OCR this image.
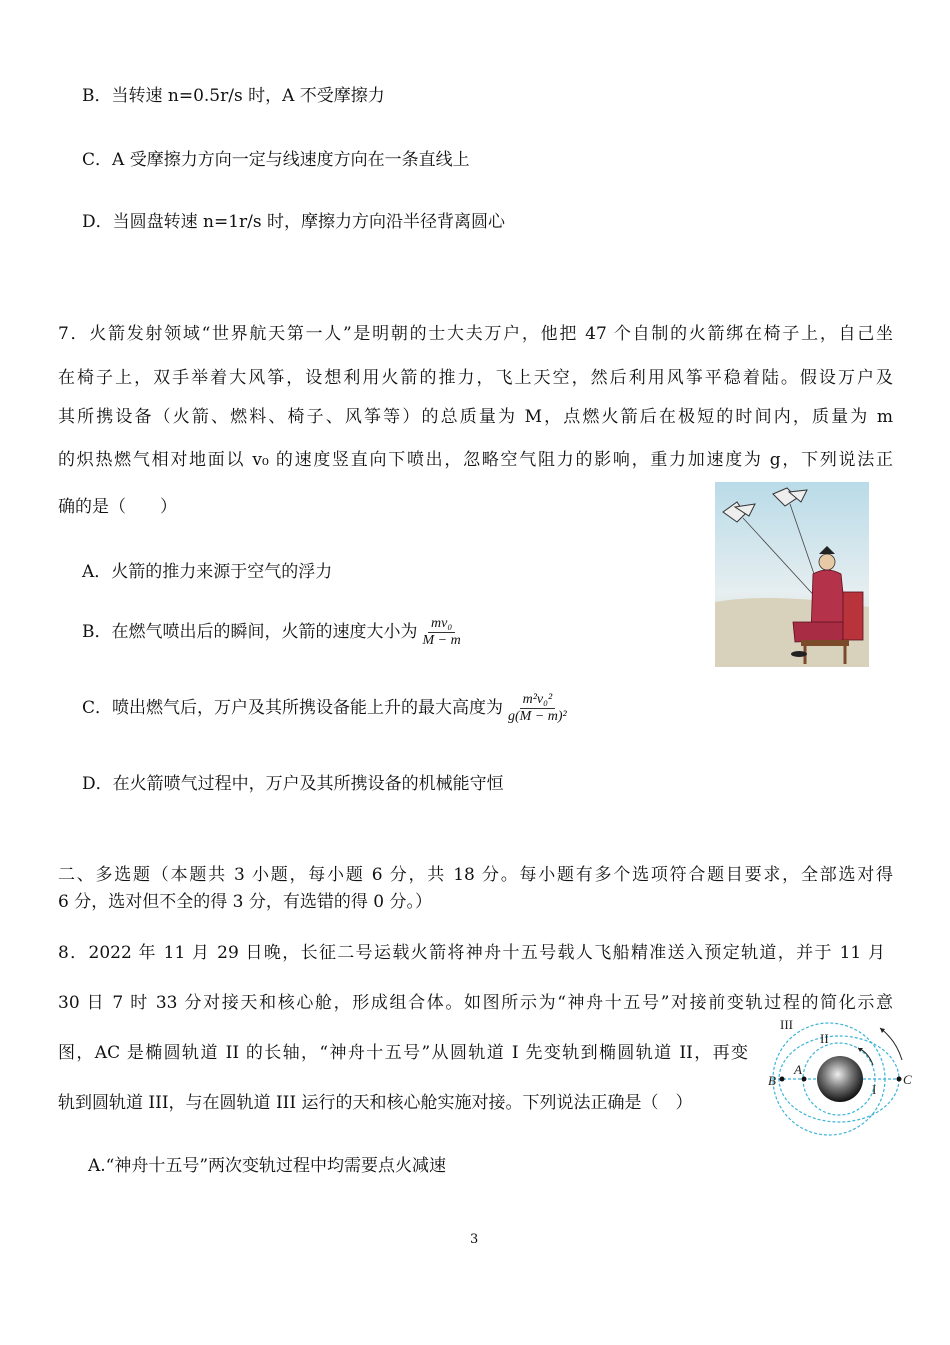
B．当转速 n=0.5r/s 时，A 不受摩擦力
C．A 受摩擦力方向一定与线速度方向在一条直线上
D．当圆盘转速 n=1r/s 时，摩擦力方向沿半径背离圆心
7．火箭发射领域“世界航天第一人”是明朝的士大夫万户，他把 47 个自制的火箭绑在椅子上，自己坐
在椅子上，双手举着大风筝，设想利用火箭的推力，飞上天空，然后利用风筝平稳着陆。假设万户及
其所携设备（火箭、燃料、椅子、风筝等）的总质量为 M，点燃火箭后在极短的时间内，质量为 m
的炽热燃气相对地面以 v₀ 的速度竖直向下喷出，忽略空气阻力的影响，重力加速度为 g，下列说法正
确的是（　　）
A．火箭的推力来源于空气的浮力
B．在燃气喷出后的瞬间，火箭的速度大小为 $\frac{\text{mv₀}}{M - m}$
C．喷出燃气后，万户及其所携设备能上升的最大高度为 $\frac{\text{m²v₀²}}{\text{g(M − m)²}}$
D．在火箭喷气过程中，万户及其所携设备的机械能守恒
二、多选题（本题共 3 小题，每小题 6 分，共 18 分。每小题有多个选项符合题目要求，全部选对得
6 分，选对但不全的得 3 分，有选错的得 0 分。）
8．2022 年 11 月 29 日晚，长征二号运载火箭将神舟十五号载人飞船精准送入预定轨道，并于 11 月
30 日 7 时 33 分对接天和核心舱，形成组合体。如图所示为“神舟十五号”对接前变轨过程的简化示意
图，AC 是椭圆轨道 II 的长轴，“神舟十五号”从圆轨道 I 先变轨到椭圆轨道 II，再变
轨到圆轨道 III，与在圆轨道 III 运行的天和核心舱实施对接。下列说法正确是（　）
A.“神舟十五号”两次变轨过程中均需要点火减速
III
II
I
A
B	C
3
